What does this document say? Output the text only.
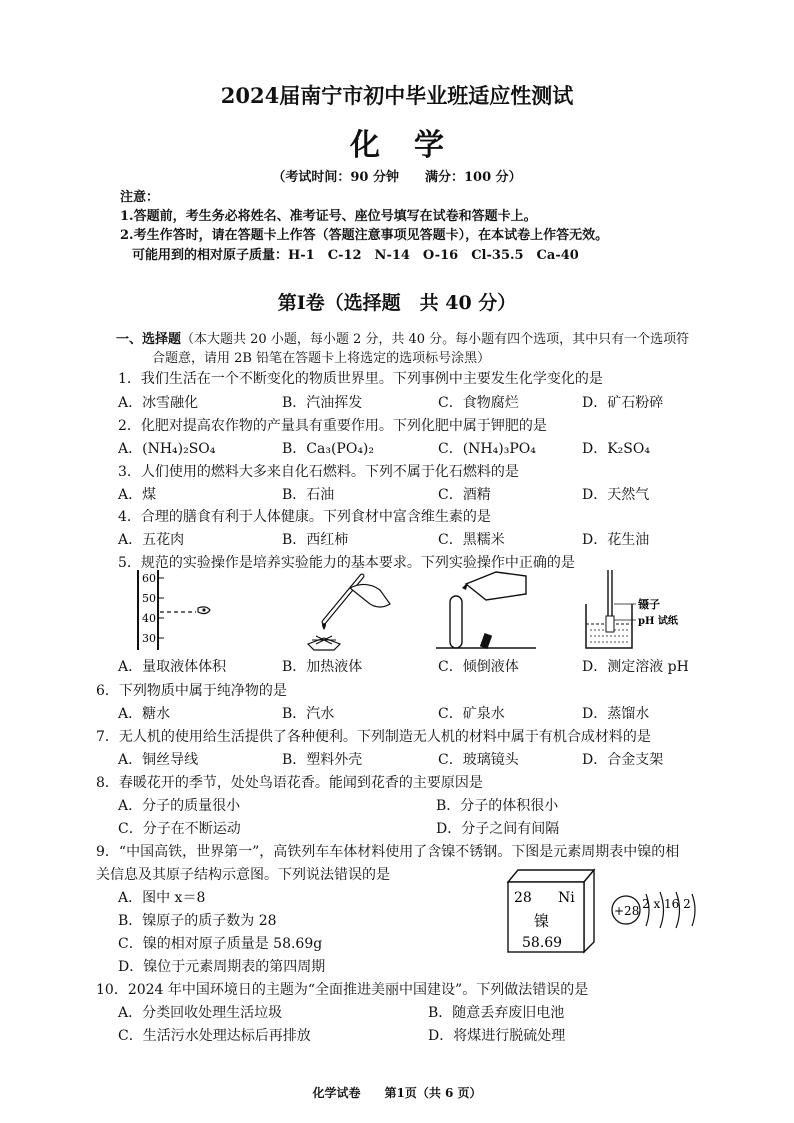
2024届南宁市初中毕业班适应性测试
化学
（考试时间：90 分钟　　满分：100 分）
注意：
1.答题前，考生务必将姓名、准考证号、座位号填写在试卷和答题卡上。
2.考生作答时，请在答题卡上作答（答题注意事项见答题卡），在本试卷上作答无效。
可能用到的相对原子质量：H-1　C-12　N-14　O-16　Cl-35.5　Ca-40
第Ⅰ卷（选择题　共 40 分）
一、选择题（本大题共 20 小题，每小题 2 分，共 40 分。每小题有四个选项，其中只有一个选项符
合题意，请用 2B 铅笔在答题卡上将选定的选项标号涂黑）
1．我们生活在一个不断变化的物质世界里。下列事例中主要发生化学变化的是
A．冰雪融化	B．汽油挥发	C．食物腐烂	D．矿石粉碎
2．化肥对提高农作物的产量具有重要作用。下列化肥中属于钾肥的是
A．(NH₄)₂SO₄	B．Ca₃(PO₄)₂	C．(NH₄)₃PO₄	D．K₂SO₄
3．人们使用的燃料大多来自化石燃料。下列不属于化石燃料的是
A．煤	B．石油	C．酒精	D．天然气
4．合理的膳食有利于人体健康。下列食材中富含维生素的是
A．五花肉	B．西红柿	C．黑糯米	D．花生油
5．规范的实验操作是培养实验能力的基本要求。下列实验操作中正确的是
60
50
40
30
A．量取液体体积	B．加热液体	C．倾倒液体
镊子
pH 试纸
D．测定溶液 pH
6．下列物质中属于纯净物的是
A．糖水	B．汽水	C．矿泉水	D．蒸馏水
7．无人机的使用给生活提供了各种便利。下列制造无人机的材料中属于有机合成材料的是
A．铜丝导线	B．塑料外壳	C．玻璃镜头	D．合金支架
8．春暖花开的季节，处处鸟语花香。能闻到花香的主要原因是
A．分子的质量很小	B．分子的体积很小
C．分子在不断运动	D．分子之间有间隔
9．“中国高铁，世界第一”，高铁列车车体材料使用了含镍不锈钢。下图是元素周期表中镍的相
关信息及其原子结构示意图。下列说法错误的是
A．图中 x＝8
B．镍原子的质子数为 28
C．镍的相对原子质量是 58.69g
D．镍位于元素周期表的第四周期
28 Ni
镍
58.69
+28 2 x 16 2
10．2024 年中国环境日的主题为“全面推进美丽中国建设”。下列做法错误的是
A．分类回收处理生活垃圾	B．随意丢弃废旧电池
C．生活污水处理达标后再排放	D．将煤进行脱硫处理
化学试卷　　第1页（共 6 页）
